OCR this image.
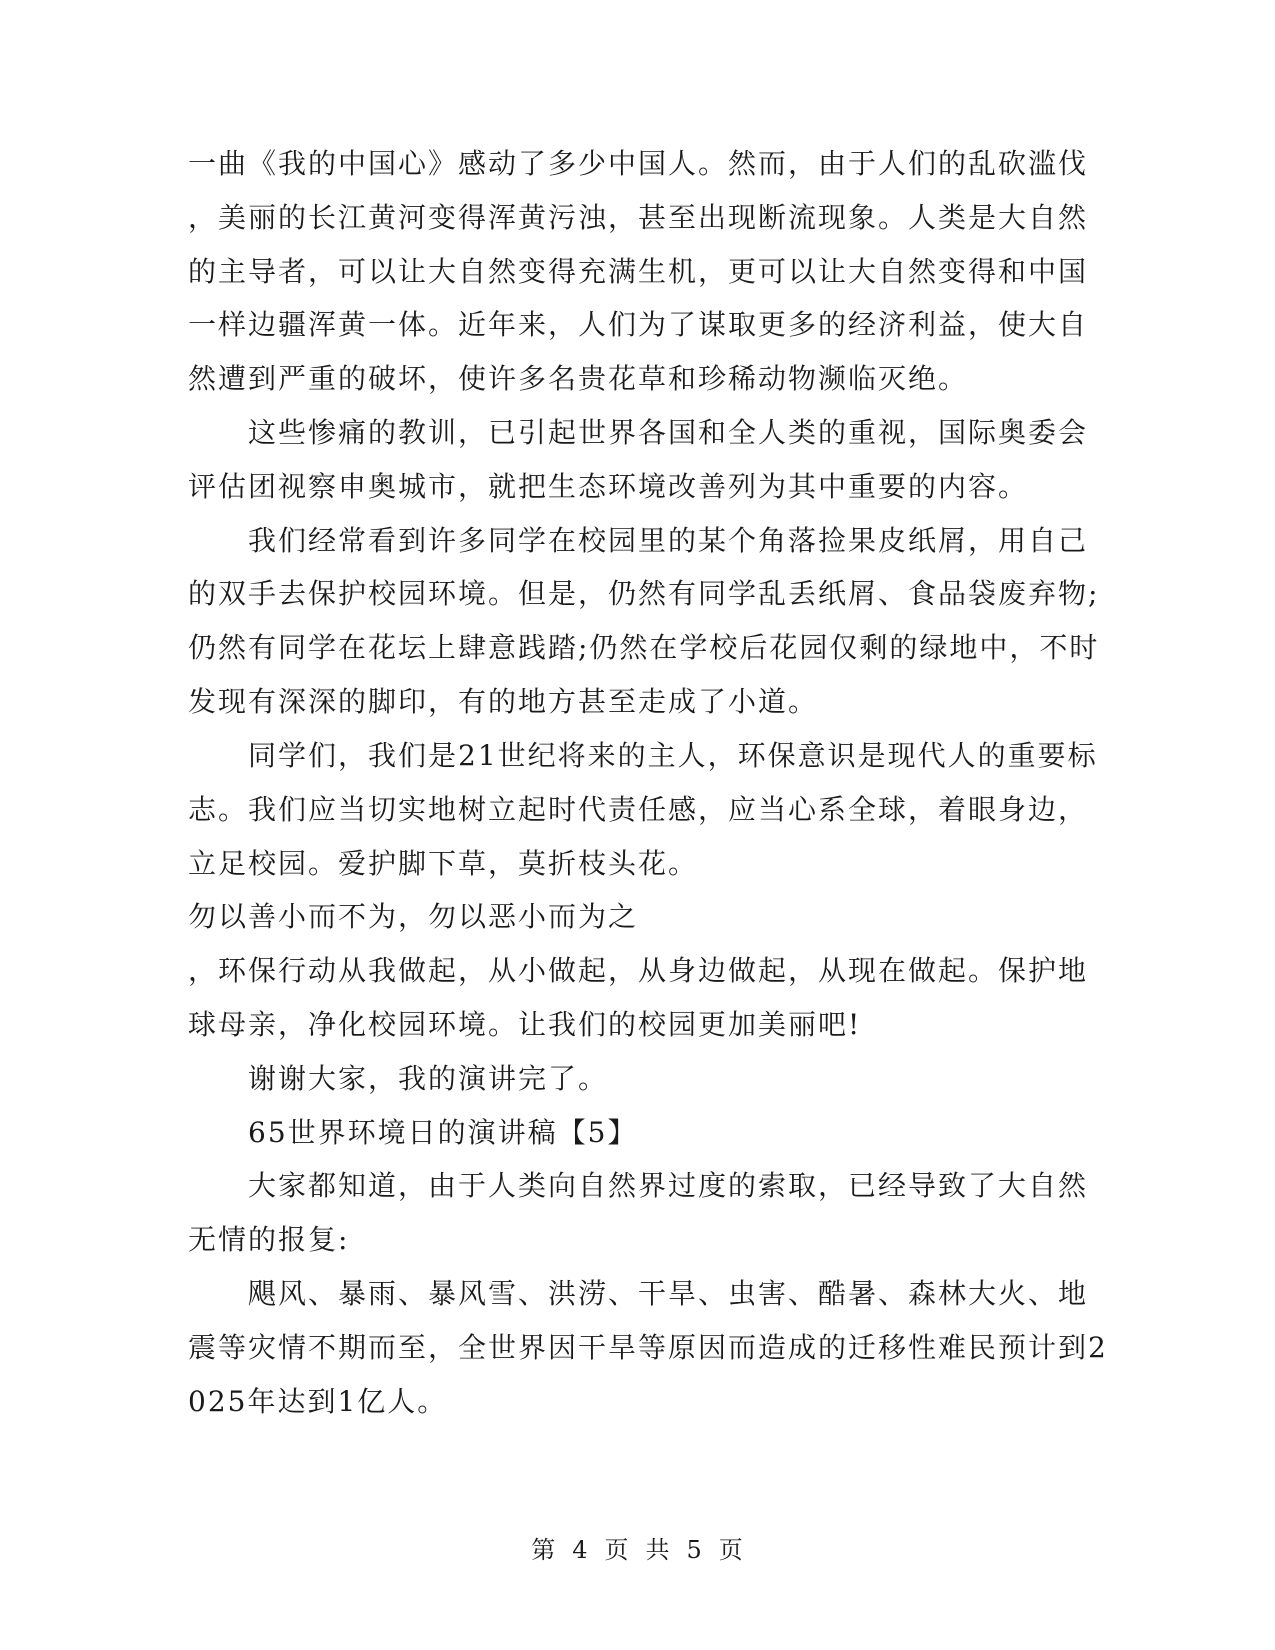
一曲《我的中国心》感动了多少中国人。然而，由于人们的乱砍滥伐
，美丽的长江黄河变得浑黄污浊，甚至出现断流现象。人类是大自然
的主导者，可以让大自然变得充满生机，更可以让大自然变得和中国
一样边疆浑黄一体。近年来，人们为了谋取更多的经济利益，使大自
然遭到严重的破坏，使许多名贵花草和珍稀动物濒临灭绝。
这些惨痛的教训，已引起世界各国和全人类的重视，国际奥委会
评估团视察申奥城市，就把生态环境改善列为其中重要的内容。
我们经常看到许多同学在校园里的某个角落捡果皮纸屑，用自己
的双手去保护校园环境。但是，仍然有同学乱丢纸屑、食品袋废弃物;
仍然有同学在花坛上肆意践踏;仍然在学校后花园仅剩的绿地中，不时
发现有深深的脚印，有的地方甚至走成了小道。
同学们，我们是21世纪将来的主人，环保意识是现代人的重要标
志。我们应当切实地树立起时代责任感，应当心系全球，着眼身边，
立足校园。爱护脚下草，莫折枝头花。
勿以善小而不为，勿以恶小而为之
，环保行动从我做起，从小做起，从身边做起，从现在做起。保护地
球母亲，净化校园环境。让我们的校园更加美丽吧!
谢谢大家，我的演讲完了。
65世界环境日的演讲稿【5】
大家都知道，由于人类向自然界过度的索取，已经导致了大自然
无情的报复:
飓风、暴雨、暴风雪、洪涝、干旱、虫害、酷暑、森林大火、地
震等灾情不期而至，全世界因干旱等原因而造成的迁移性难民预计到2
025年达到1亿人。
第 4 页 共 5 页
